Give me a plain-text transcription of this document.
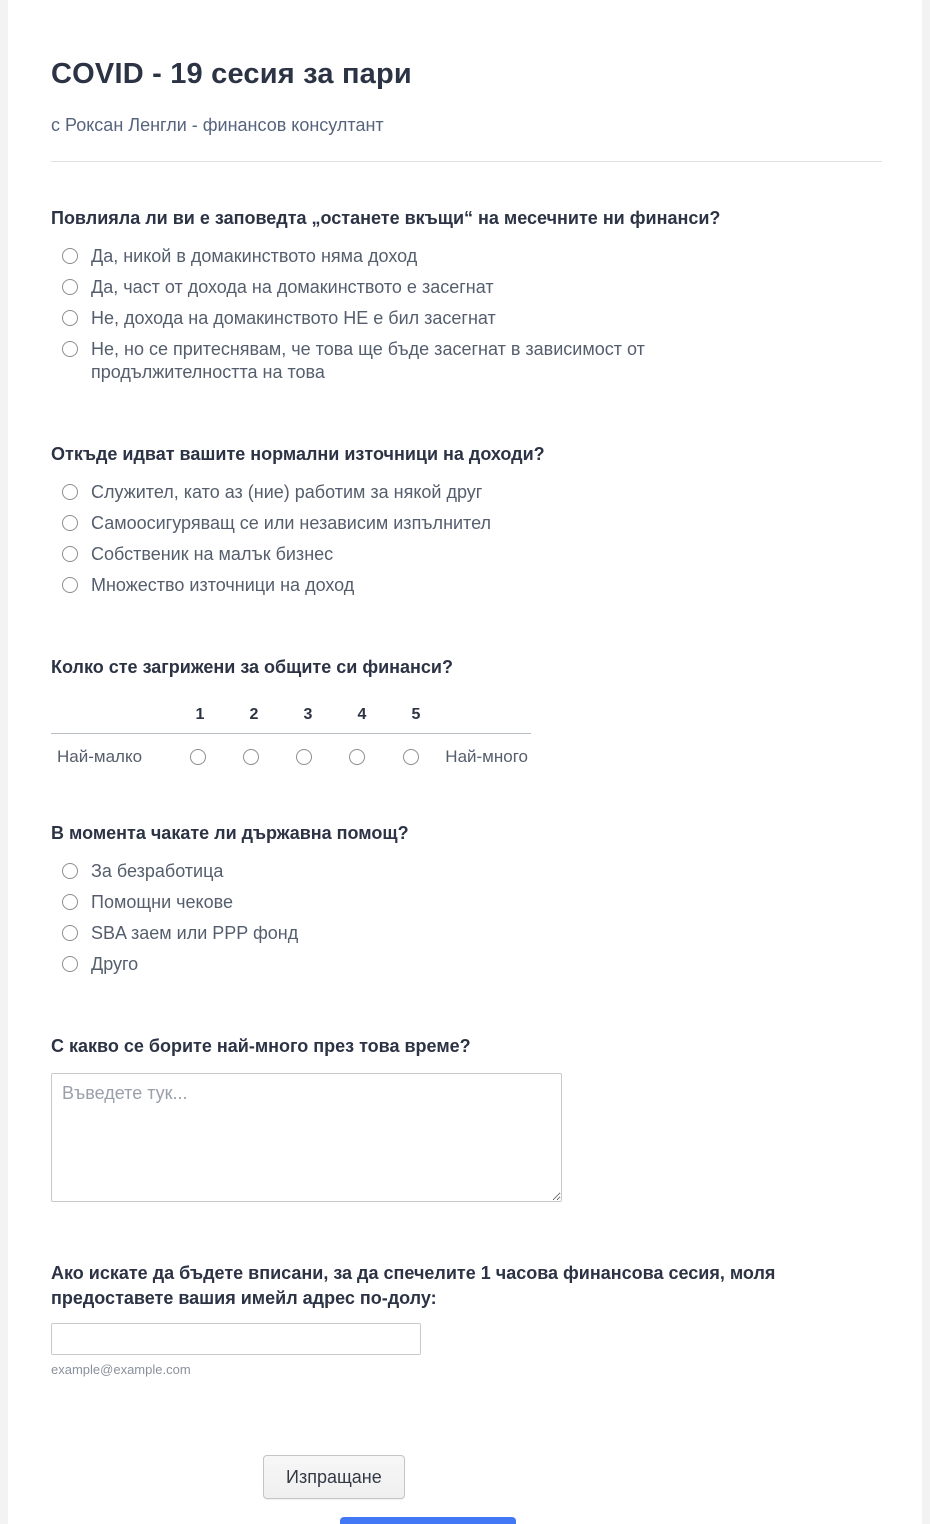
COVID - 19 сесия за пари
с Роксан Ленгли - финансов консултант
Повлияла ли ви е заповедта „останете вкъщи“ на месечните ни финанси?
Да, никой в домакинството няма доход
Да, част от дохода на домакинството е засегнат
Не, дохода на домакинството НЕ е бил засегнат
Не, но се притеснявам, че това ще бъде засегнат в зависимост от продължителността на това
Откъде идват вашите нормални източници на доходи?
Служител, като аз (ние) работим за някой друг
Самоосигуряващ се или независим изпълнител
Собственик на малък бизнес
Множество източници на доход
Колко сте загрижени за общите си финанси?
1	2	3	4	5
Най-малко	Най-много
В момента чакате ли държавна помощ?
За безработица
Помощни чекове
SBA заем или PPP фонд
Друго
С какво се борите най-много през това време?
Въведете тук...
Ако искате да бъдете вписани, за да спечелите 1 часова финансова сесия, моля предоставете вашия имейл адрес по-долу:
example@example.com
Изпращане
